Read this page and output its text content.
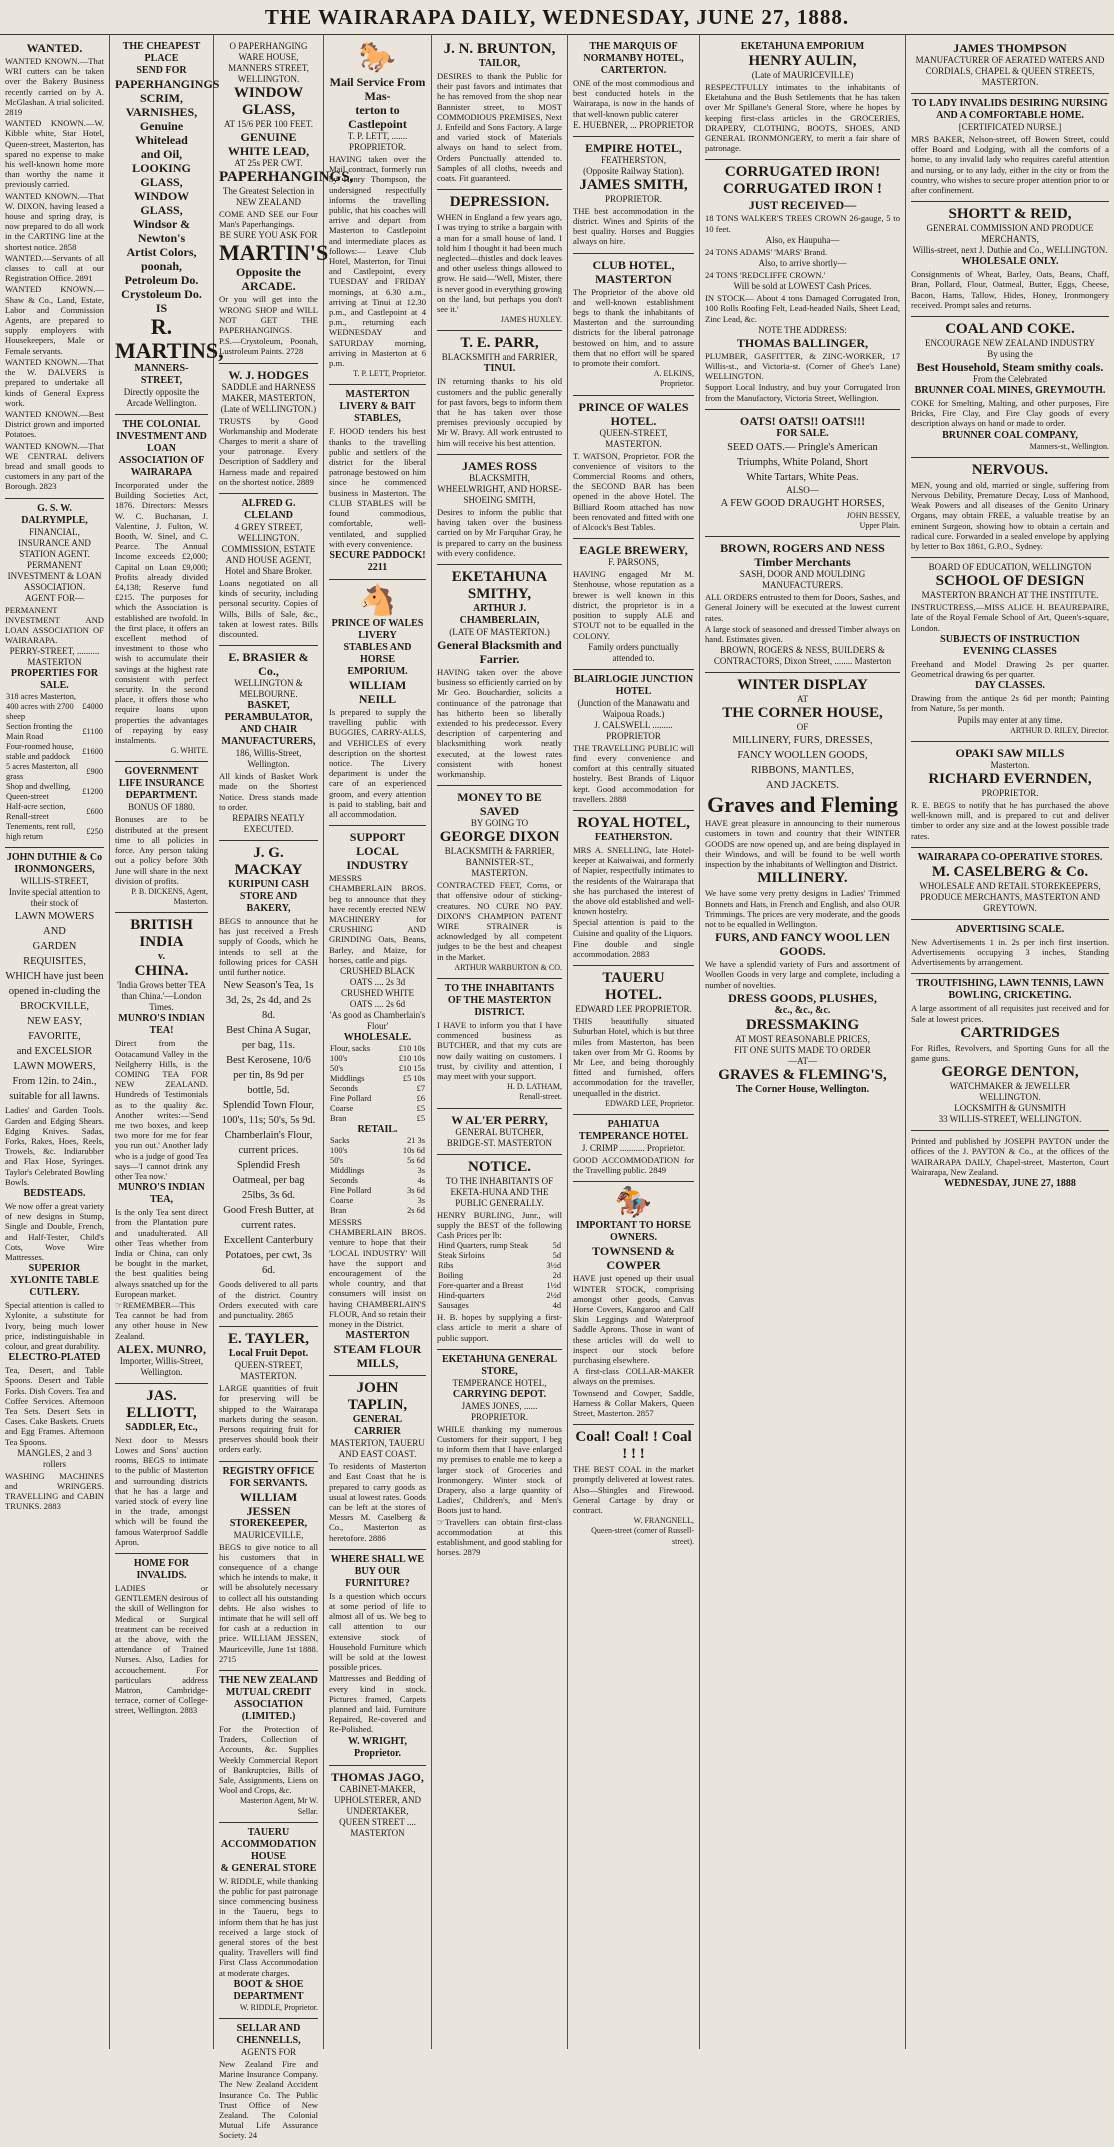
THE WAIRARAPA DAILY, WEDNESDAY, JUNE 27, 1888.
WANTED.

WANTED KNOWN.—That WRI cutters can be taken over the Bakery Business recently carried on by A. McGlashan. A trial solicited. 2819

WANTED KNOWN.—W. Kibble white, Star Hotel, Queen-street, Masterton, has spared no expense to make his well-known home more than worthy the name it previously carried.

WANTED KNOWN.—That W. DIXON, having leased a house and spring dray, is now prepared to do all work in the CARTING line at the shortest notice. 2858

WANTED.—Servants of all classes to call at our Registration Office. 2891

WANTED KNOWN.—Shaw & Co., Land, Estate, Labor and Commission Agents, are prepared to supply employers with Housekeepers, Male or Female servants.

WANTED KNOWN.—That the W. DALVERS is prepared to undertake all kinds of General Express work.

WANTED KNOWN.—Best District grown and imported Potatoes.

WANTED KNOWN.—That WE CENTRAL delivers bread and small goods to customers in any part of the Borough. 2823

G. S. W. DALRYMPLE,
FINANCIAL, INSURANCE AND STATION AGENT.
PERMANENT INVESTMENT & LOAN ASSOCIATION.
AGENT FOR—

PERMANENT INVESTMENT AND LOAN ASSOCIATION OF WAIRARAPA.

PERRY-STREET, .......... MASTERTON
PROPERTIES FOR SALE.
318 acres Masterton, 400 acres with 2700 sheep	£4000
Section fronting the Main Road	£1100
Four-roomed house, stable and paddock	£1600
5 acres Masterton, all grass	£900
Shop and dwelling, Queen-street	£1200
Half-acre section, Renall-street	£600
Tenements, rent roll, high return	£250
JOHN DUTHIE & Co
IRONMONGERS,
WILLIS-STREET,
Invite special attention to their stock of
LAWN MOWERS
AND
GARDEN REQUISITES,
WHICH have just been opened in-cluding the
BROCKVILLE,
NEW EASY,
FAVORITE,
and EXCELSIOR
LAWN MOWERS,
From 12in. to 24in., suitable for all lawns.

Ladies' and Garden Tools. Garden and Edging Shears. Edging Knives. Sadas, Forks, Rakes, Hoes, Reels, Trowels, &c. Indiarubber and Flax Hose, Syringes. Taylor's Celebrated Bowling Bowls.

BEDSTEADS.

We now offer a great variety of new designs in Stump, Single and Double, French, and Half-Tester, Child's Cots, Wove Wire Mattresses.

SUPERIOR XYLONITE TABLE CUTLERY.

Special attention is called to Xylonite, a substitute for Ivory, being much lower price, indistinguishable in colour, and great durability.

ELECTRO-PLATED

Tea, Desert, and Table Spoons. Desert and Table Forks. Dish Covers. Tea and Coffee Services. Afternoon Tea Sets. Desert Sets in Cases. Cake Baskets. Cruets and Egg Frames. Afternoon Tea Spoons.

MANGLES, 2 and 3 rollers

WASHING MACHINES and WRINGERS. TRAVELLING and CABIN TRUNKS. 2883

THE CHEAPEST PLACE
SEND FOR
PAPERHANGINGS
SCRIM,
VARNISHES,
Genuine Whitelead
and Oil,
LOOKING GLASS,
WINDOW GLASS,
Windsor & Newton's
Artist Colors,
poonah,
Petroleum Do. Crystoleum Do.
IS
R. MARTINS,
MANNERS-STREET,
Directly opposite the Arcade Wellington.
THE COLONIAL INVESTMENT AND LOAN ASSOCIATION OF WAIRARAPA

Incorporated under the Building Societies Act, 1876. Directors: Messrs W. C. Buchanan, J. Valentine, J. Fulton, W. Booth, W. Sinel, and C. Pearce. The Annual Income exceeds £2,000; Capital on Loan £9,000; Profits already divided £4,138; Reserve fund £215. The purposes for which the Association is established are twofold. In the first place, it offers an excellent method of investment to those who wish to accumulate their savings at the highest rate consistent with perfect security. In the second place, it offers those who require loans upon properties the advantages of repaying by easy instalments.

G. WHITE.
GOVERNMENT LIFE INSURANCE DEPARTMENT.
BONUS OF 1880.

Bonuses are to be distributed at the present time to all policies in force. Any person taking out a policy before 30th June will share in the next division of profits.

P. B. DICKENS, Agent, Masterton.
BRITISH INDIA
v.
CHINA.
'India Grows better TEA than China.'—London Times.
MUNRO'S INDIAN TEA!

Direct from the Ootacamund Valley in the Neilgherry Hills, is the COMING TEA FOR NEW ZEALAND. Hundreds of Testimonials as to the quality &c. Another writes:—'Send me two boxes, and keep two more for me for fear you run out.' Another lady who is a judge of good Tea says—'I cannot drink any other Tea now.'

MUNRO'S INDIAN TEA,

Is the only Tea sent direct from the Plantation pure and unadulterated. All other Teas whether from India or China, can only be bought in the market, the best qualities being always snatched up for the European market.

☞REMEMBER—This Tea cannot be had from any other house in New Zealand.

ALEX. MUNRO,
Importer, Willis-Street, Wellington.
JAS. ELLIOTT,
SADDLER, Etc.,

Next door to Messrs Lowes and Sons' auction rooms, BEGS to intimate to the public of Masterton and surrounding districts that he has a large and varied stock of every line in the trade, amongst which will be found the famous Waterproof Saddle Apron.

HOME FOR INVALIDS.

LADIES or GENTLEMEN desirous of the skill of Wellington for Medical or Surgical treatment can be received at the above, with the attendance of Trained Nurses. Also, Ladies for accouchement. For particulars address Matron, Cambridge-terrace, corner of College-street, Wellington. 2883

O PAPERHANGING WARE HOUSE,
MANNERS STREET, WELLINGTON.
WINDOW GLASS,
AT 15/6 PER 100 FEET.
GENUINE WHITE LEAD,
AT 25s PER CWT.
PAPERHANGINGS,
The Greatest Selection in NEW ZEALAND

COME AND SEE our Four Man's Paperhangings.

BE SURE YOU ASK FOR
MARTIN'S
Opposite the ARCADE.

Or you will get into the WRONG SHOP and WILL NOT GET THE PAPERHANGINGS.

P.S.—Crystoleum, Poonah, Lustroleum Paints. 2728

W. J. HODGES
SADDLE and HARNESS MAKER, MASTERTON,
(Late of WELLINGTON.)

TRUSTS by Good Workmanship and Moderate Charges to merit a share of your patronage. Every Description of Saddlery and Harness made and repaired on the shortest notice. 2889

ALFRED G. CLELAND
4 GREY STREET, WELLINGTON.
COMMISSION, ESTATE AND HOUSE AGENT,
Hotel and Share Broker.

Loans negotiated on all kinds of security, including personal security. Copies of Wills, Bills of Sale, &c., taken at lowest rates. Bills discounted.

E. BRASIER & Co.,
WELLINGTON & MELBOURNE.
BASKET, PERAMBULATOR, AND CHAIR MANUFACTURERS,
186, Willis-Street, Wellington.

All kinds of Basket Work made on the Shortest Notice. Dress stands made to order.

REPAIRS NEATLY EXECUTED.
J. G. MACKAY
KURIPUNI CASH STORE AND BAKERY,

BEGS to announce that he has just received a Fresh supply of Goods, which he intends to sell at the following prices for CASH until further notice.

New Season's Tea, 1s 3d, 2s, 2s 4d, and 2s 8d.
Best China A Sugar, per bag, 11s.
Best Kerosene, 10/6 per tin, 8s 9d per bottle, 5d.
Splendid Town Flour, 100's, 11s; 50's, 5s 9d.
Chamberlain's Flour, current prices.
Splendid Fresh Oatmeal, per bag 25lbs, 3s 6d.
Good Fresh Butter, at current rates.
Excellent Canterbury Potatoes, per cwt, 3s 6d.

Goods delivered to all parts of the district. Country Orders executed with care and punctuality. 2865

E. TAYLER,
Local Fruit Depot.
QUEEN-STREET, MASTERTON.

LARGE quantities of fruit for preserving will be shipped to the Wairarapa markets during the season. Persons requiring fruit for preserves should book their orders early.

REGISTRY OFFICE FOR SERVANTS.
WILLIAM JESSEN
STOREKEEPER,
MAURICEVILLE,

BEGS to give notice to all his customers that in consequence of a change which he intends to make, it will be absolutely necessary to collect all his outstanding debts. He also wishes to intimate that he will sell off for cash at a reduction in price. WILLIAM JESSEN, Mauriceville, June 1st 1888. 2715

THE NEW ZEALAND MUTUAL CREDIT ASSOCIATION (LIMITED.)

For the Protection of Traders, Collection of Accounts, &c. Supplies Weekly Commercial Report of Bankruptcies, Bills of Sale, Assignments, Liens on Wool and Crops, &c.

Masterton Agent, Mr W. Sellar.
TAUERU ACCOMMODATION HOUSE
& GENERAL STORE

W. RIDDLE, while thanking the public for past patronage since commencing business in the Taueru, begs to inform them that he has just received a large stock of general stores of the best quality. Travellers will find First Class Accommodation at moderate charges.

BOOT & SHOE DEPARTMENT
W. RIDDLE, Proprietor.
SELLAR AND CHENNELLS,
AGENTS FOR

New Zealand Fire and Marine Insurance Company. The New Zealand Accident Insurance Co. The Public Trust Office of New Zealand. The Colonial Mutual Life Assurance Society. 24

🐎
Mail Service From Mas-
terton to Castlepoint
T. P. LETT, ....... PROPRIETOR.

HAVING taken over the Mail contract, formerly run by Henry Thompson, the undersigned respectfully informs the travelling public, that his coaches will arrive and depart from Masterton to Castlepoint and intermediate places as follows:— Leave Club Hotel, Masterton, for Tinui and Castlepoint, every TUESDAY and FRIDAY mornings, at 6.30 a.m., arriving at Tinui at 12.30 p.m., and Castlepoint at 4 p.m., returning each WEDNESDAY and SATURDAY morning, arriving in Masterton at 6 p.m.

T. P. LETT, Proprietor.
MASTERTON LIVERY & BAIT
STABLES,

F. HOOD tenders his best thanks to the travelling public and settlers of the district for the liberal patronage bestowed on him since he commenced business in Masterton. The CLUB STABLES will be found commodious, comfortable, well-ventilated, and supplied with every convenience.

SECURE PADDOCK! 2211
🐴
PRINCE OF WALES LIVERY
STABLES AND HORSE
EMPORIUM.
WILLIAM NEILL

Is prepared to supply the travelling public with BUGGIES, CARRY-ALLS, and VEHICLES of every description on the shortest notice. The Livery department is under the care of an experienced groom, and every attention is paid to stabling, bait and all accommodation.

SUPPORT LOCAL INDUSTRY

MESSRS CHAMBERLAIN BROS. beg to announce that they have recently erected NEW MACHINERY for CRUSHING AND GRINDING Oats, Beans, Barley, and Maize, for horses, cattle and pigs.

CRUSHED BLACK OATS .... 2s 3d
CRUSHED WHITE OATS .... 2s 6d
'As good as Chamberlain's Flour'
WHOLESALE.
Flour, sacks	£10 10s
100's	£10 10s
50's	£10 15s
Middlings	£5 10s
Seconds	£7
Fine Pollard	£6
Coarse	£5
Bran	£5
RETAIL.
Sacks	21 3s
100's	10s 6d
50's	5s 6d
Middlings	3s
Seconds	4s
Fine Pollard	3s 6d
Coarse	3s
Bran	2s 6d

MESSRS CHAMBERLAIN BROS. venture to hope that their 'LOCAL INDUSTRY' Will have the support and encouragement of the whole country, and that consumers will insist on having CHAMBERLAIN'S FLOUR, And so retain their money in the District.

MASTERTON
STEAM FLOUR MILLS,
JOHN TAPLIN,
GENERAL CARRIER
MASTERTON, TAUERU AND EAST COAST.

To residents of Masterton and East Coast that he is prepared to carry goods as usual at lowest rates. Goods can be left at the stores of Messrs M. Caselberg & Co., Masterton as heretofore. 2886

WHERE SHALL WE BUY OUR FURNITURE?

Is a question which occurs at some period of life to almost all of us. We beg to call attention to our extensive stock of Household Furniture which will be sold at the lowest possible prices.

Mattresses and Bedding of every kind in stock. Pictures framed, Carpets planned and laid. Furniture Repaired, Re-covered and Re-Polished.

W. WRIGHT, Proprietor.
THOMAS JAGO,
CABINET-MAKER, UPHOLSTERER, AND UNDERTAKER,
QUEEN STREET .... MASTERTON
J. N. BRUNTON,
TAILOR,

DESIRES to thank the Public for their past favors and intimates that he has removed from the shop near Bannister street, to MOST COMMODIOUS PREMISES, Next J. Enfeild and Sons Factory. A large and varied stock of Materials always on hand to select from. Orders Punctually attended to. Samples of all cloths, tweeds and coats. Fit guaranteed.

DEPRESSION.

WHEN in England a few years ago, I was trying to strike a bargain with a man for a small house of land. I told him I thought it had been much neglected—thistles and dock leaves and other useless things allowed to grow. He said—'Well, Mister, there is never good in everything growing on the land, but perhaps you don't see it.'

JAMES HUXLEY.
T. E. PARR,
BLACKSMITH and FARRIER,
TINUI.

IN returning thanks to his old customers and the public generally for past favors, begs to inform them that he has taken over those premises previously occupied by Mr W. Bravy. All work entrusted to him will receive his best attention.

JAMES ROSS
BLACKSMITH, WHEELWRIGHT, AND HORSE-SHOEING SMITH,

Desires to inform the public that having taken over the business carried on by Mr Farquhar Gray, he is prepared to carry on the business with every confidence.

EKETAHUNA SMITHY,
ARTHUR J. CHAMBERLAIN,
(LATE OF MASTERTON.)
General Blacksmith and Farrier.

HAVING taken over the above business so efficiently carried on by Mr Geo. Bouchardier, solicits a continuance of the patronage that has hitherto been so liberally extended to his predecessor. Every description of carpentering and blacksmithing work neatly executed, at the lowest rates consistent with honest workmanship.

MONEY TO BE SAVED
BY GOING TO
GEORGE DIXON
BLACKSMITH & FARRIER, BANNISTER-ST., MASTERTON.

CONTRACTED FEET, Corns, or that offensive odour of sticking-creatures. NO CURE NO PAY. DIXON'S CHAMPION PATENT WIRE STRAINER is acknowledged by all competent judges to be the best and cheapest in the Market.

ARTHUR WARBURTON & CO.
TO THE INHABITANTS OF THE MASTERTON DISTRICT.

I HAVE to inform you that I have commenced business as BUTCHER, and that my cuts are now daily waiting on customers. I trust, by civility and attention, I may meet with your support.

H. D. LATHAM,
Renall-street.
W AL'ER PERRY,
GENERAL BUTCHER, BRIDGE-ST. MASTERTON
NOTICE.
TO THE INHABITANTS OF EKETA-HUNA AND THE PUBLIC GENERALLY.

HENRY BURLING, Junr., will supply the BEST of the following Cash Prices per lb:

Hind Quarters, rump Steak	5d
Steak Sirloins	5d
Ribs	3½d
Boiling	2d
Fore-quarter and a Breast	1½d
Hind-quarters	2½d
Sausages	4d

H. B. hopes by supplying a first-class article to merit a share of public support.

EKETAHUNA GENERAL STORE,
TEMPERANCE HOTEL,
CARRYING DEPOT.
JAMES JONES, ...... PROPRIETOR.

WHILE thanking my numerous Customers for their support, I beg to inform them that I have enlarged my premises to enable me to keep a larger stock of Groceries and Ironmongery. Winter stock of Drapery, also a large quantity of Ladies', Children's, and Men's Boots just to hand.

☞Travellers can obtain first-class accommodation at this establishment, and good stabling for horses. 2879

THE MARQUIS OF NORMANBY HOTEL, CARTERTON.

ONE of the most commodious and best conducted hotels in the Wairarapa, is now in the hands of that well-known public caterer

E. HUEBNER, ... PROPRIETOR
EMPIRE HOTEL,
FEATHERSTON,
(Opposite Railway Station).
JAMES SMITH,
PROPRIETOR.

THE best accommodation in the district. Wines and Spirits of the best quality. Horses and Buggies always on hire.

CLUB HOTEL, MASTERTON

The Proprietor of the above old and well-known establishment begs to thank the inhabitants of Masterton and the surrounding districts for the liberal patronage bestowed on him, and to assure them that no effort will be spared to promote their comfort.

A. ELKINS,
Proprietor.
PRINCE OF WALES HOTEL.
QUEEN-STREET, MASTERTON.

T. WATSON, Proprietor. FOR the convenience of visitors to the Commercial Rooms and others, the SECOND BAR has been opened in the above Hotel. The Billiard Room attached has now been renovated and fitted with one of Alcock's Best Tables.

EAGLE BREWERY,
F. PARSONS,

HAVING engaged Mr M. Stenhouse, whose reputation as a brewer is well known in this district, the proprietor is in a position to supply ALE and STOUT not to be equalled in the COLONY.

Family orders punctually attended to.
BLAIRLOGIE JUNCTION HOTEL
(Junction of the Manawatu and Waipoua Roads.)
J. CALSWELL ......... PROPRIETOR

THE TRAVELLING PUBLIC will find every convenience and comfort at this centrally situated hostelry. Best Brands of Liquor kept. Good accommodation for travellers. 2888

ROYAL HOTEL,
FEATHERSTON.

MRS A. SNELLING, late Hotel-keeper at Kaiwaiwai, and formerly of Napier, respectfully intimates to the residents of the Wairarapa that she has purchased the interest of the above old established and well-known hostelry.

Special attention is paid to the Cuisine and quality of the Liquors.

Fine double and single accommodation. 2883

TAUERU HOTEL.
EDWARD LEE PROPRIETOR.

THIS beautifully situated Suburban Hotel, which is but three miles from Masterton, has been taken over from Mr G. Rooms by Mr Lee, and being thoroughly fitted and furnished, offers accommodation for the traveller, unequalled in the district.

EDWARD LEE, Proprietor.
PAHIATUA TEMPERANCE HOTEL
J. CRIMP ........... Proprietor.

GOOD ACCOMMODATION for the Travelling public. 2849

🏇
IMPORTANT TO HORSE OWNERS.
TOWNSEND & COWPER

HAVE just opened up their usual WINTER STOCK, comprising amongst other goods, Canvas Horse Covers, Kangaroo and Calf Skin Leggings and Waterproof Saddle Aprons. Those in want of these articles will do well to inspect our stock before purchasing elsewhere.

A first-class COLLAR-MAKER always on the premises.

Townsend and Cowper, Saddle, Harness & Collar Makers, Queen Street, Masterton. 2857

Coal! Coal! ! Coal ! ! !

THE BEST COAL in the market promptly delivered at lowest rates. Also—Shingles and Firewood. General Cartage by dray or contract.

W. FRANGNELL,
Queen-street (corner of Russell-street).
EKETAHUNA EMPORIUM
HENRY AULIN,
(Late of MAURICEVILLE)

RESPECTFULLY intimates to the inhabitants of Eketahuna and the Bush Settlements that he has taken over Mr Spillane's General Store, where he hopes by keeping first-class articles in the GROCERIES, DRAPERY, CLOTHING, BOOTS, SHOES, AND GENERAL IRONMONGERY, to merit a fair share of patronage.

CORRUGATED IRON!
CORRUGATED IRON !
JUST RECEIVED—

18 TONS WALKER'S TREES CROWN 26-gauge, 5 to 10 feet.

Also, ex Haupuha—

24 TONS ADAMS' 'MARS' Brand.

Also, to arrive shortly—

24 TONS 'REDCLIFFE CROWN.'

Will be sold at LOWEST Cash Prices.

IN STOCK— About 4 tons Damaged Corrugated Iron, 100 Rolls Roofing Felt, Lead-headed Nails, Sheet Lead, Zinc Lead, &c.

NOTE THE ADDRESS:
THOMAS BALLINGER,

PLUMBER, GASFITTER, & ZINC-WORKER, 17 Willis-st., and Victoria-st. (Corner of Ghee's Lane) WELLINGTON.

Support Local Industry, and buy your Corrugated Iron from the Manufactory, Victoria Street, Wellington.

OATS! OATS!! OATS!!!
FOR SALE.
SEED OATS.— Pringle's American
Triumphs, White Poland, Short
White Tartars, White Peas.
ALSO—
A FEW GOOD DRAUGHT HORSES,
JOHN BESSEY,
Upper Plain.
BROWN, ROGERS AND NESS
Timber Merchants
SASH, DOOR AND MOULDING MANUFACTURERS.

ALL ORDERS entrusted to them for Doors, Sashes, and General Joinery will be executed at the lowest current rates.

A large stock of seasoned and dressed Timber always on hand. Estimates given.

BROWN, ROGERS & NESS, BUILDERS & CONTRACTORS, Dixon Street, ........ Masterton
WINTER DISPLAY
AT
THE CORNER HOUSE,
OF
MILLINERY, FURS, DRESSES,
FANCY WOOLLEN GOODS,
RIBBONS, MANTLES,
AND JACKETS.
Graves and Fleming

HAVE great pleasure in announcing to their numerous customers in town and country that their WINTER GOODS are now opened up, and are being displayed in their Windows, and will be found to be well worth inspection by the inhabitants of Wellington and District.

MILLINERY.

We have some very pretty designs in Ladies' Trimmed Bonnets and Hats, in French and English, and also OUR Trimmings. The prices are very moderate, and the goods not to be equalled in Wellington.

FURS, AND FANCY WOOL LEN GOODS.

We have a splendid variety of Furs and assortment of Woollen Goods in very large and complete, including a number of novelties.

DRESS GOODS, PLUSHES,
&c., &c., &c.
DRESSMAKING
AT MOST REASONABLE PRICES,
FIT ONE SUITS MADE TO ORDER
—AT—
GRAVES & FLEMING'S,
The Corner House, Wellington.
JAMES THOMPSON
MANUFACTURER OF AERATED WATERS AND CORDIALS, CHAPEL & QUEEN STREETS, MASTERTON.
TO LADY INVALIDS DESIRING NURSING AND A COMFORTABLE HOME.
[CERTIFICATED NURSE.]

MRS BAKER, Nelson-street, off Bowen Street, could offer Board and Lodging, with all the comforts of a home, to any invalid lady who requires careful attention and nursing, or to any lady, either in the city or from the country, who wishes to secure proper attention prior to or after confinement.

SHORTT & REID,
GENERAL COMMISSION AND PRODUCE MERCHANTS,
Willis-street, next J. Duthie and Co., WELLINGTON.
WHOLESALE ONLY.

Consignments of Wheat, Barley, Oats, Beans, Chaff, Bran, Pollard, Flour, Oatmeal, Butter, Eggs, Cheese, Bacon, Hams, Tallow, Hides, Honey, Ironmongery received. Prompt sales and returns.

COAL AND COKE.
ENCOURAGE NEW ZEALAND INDUSTRY
By using the
Best Household, Steam smithy coals.
From the Celebrated
BRUNNER COAL MINES, GREYMOUTH.

COKE for Smelting, Malting, and other purposes, Fire Bricks, Fire Clay, and Fire Clay goods of every description always on hand or made to order.

BRUNNER COAL COMPANY,
Manners-st., Wellington.
NERVOUS.

MEN, young and old, married or single, suffering from Nervous Debility, Premature Decay, Loss of Manhood, Weak Powers and all diseases of the Genito Urinary Organs, may obtain FREE, a valuable treatise by an eminent Surgeon, showing how to obtain a certain and radical cure. Forwarded in a sealed envelope by applying by letter to Box 1861, G.P.O., Sydney.

BOARD OF EDUCATION, WELLINGTON
SCHOOL OF DESIGN
MASTERTON BRANCH AT THE INSTITUTE.

INSTRUCTRESS,—MISS ALICE H. BEAUREPAIRE, late of the Royal Female School of Art, Queen's-square, London.

SUBJECTS OF INSTRUCTION
EVENING CLASSES

Freehand and Model Drawing 2s per quarter. Geometrical drawing 6s per quarter.

DAY CLASSES.

Drawing from the antique 2s 6d per month; Painting from Nature, 5s per month.

Pupils may enter at any time.
ARTHUR D. RILEY, Director.
OPAKI SAW MILLS
Masterton.
RICHARD EVERNDEN,
PROPRIETOR.

R. E. BEGS to notify that he has purchased the above well-known mill, and is prepared to cut and deliver timber to order any size and at the lowest possible trade rates.

WAIRARAPA CO-OPERATIVE STORES.
M. CASELBERG & Co.
WHOLESALE AND RETAIL STOREKEEPERS, PRODUCE MERCHANTS, MASTERTON AND GREYTOWN.
ADVERTISING SCALE.

New Advertisements 1 in. 2s per inch first insertion. Advertisements occupying 3 inches, Standing Advertisements by arrangement.

TROUTFISHING, LAWN TENNIS, LAWN BOWLING, CRICKETING.

A large assortment of all requisites just received and for Sale at lowest prices.

CARTRIDGES

For Rifles, Revolvers, and Sporting Guns for all the game guns.

GEORGE DENTON,
WATCHMAKER & JEWELLER
WELLINGTON.
LOCKSMITH & GUNSMITH
33 WILLIS-STREET, WELLINGTON.

Printed and published by JOSEPH PAYTON under the offices of the J. PAYTON & Co., at the offices of the WAIRARAPA DAILY, Chapel-street, Masterton, Court Wairarapa, New Zealand.

WEDNESDAY, JUNE 27, 1888
